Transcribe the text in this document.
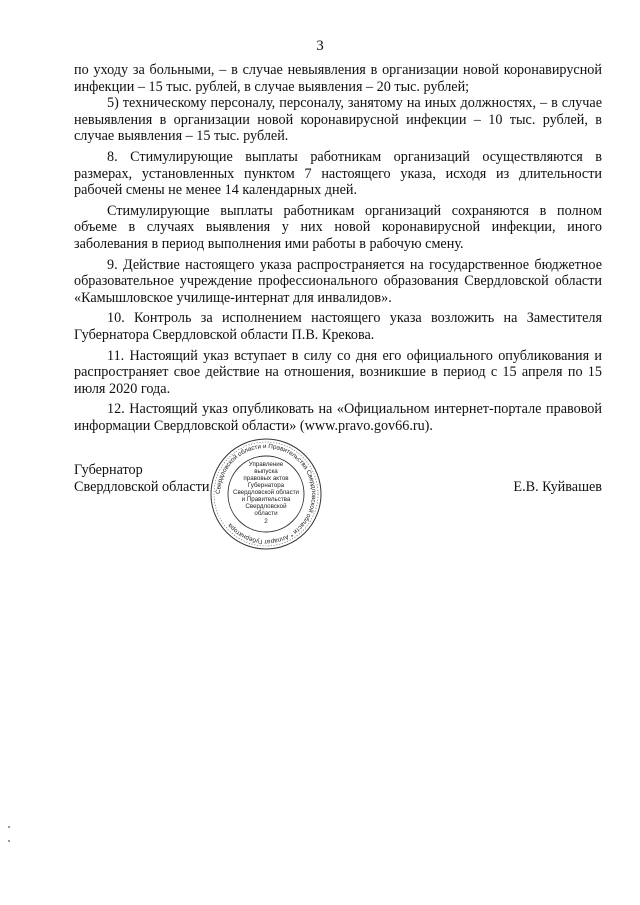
3

по уходу за больными, – в случае невыявления в организации новой коронавирусной инфекции – 15 тыс. рублей, в случае выявления – 20 тыс. рублей;

5) техническому персоналу, персоналу, занятому на иных должностях, – в случае невыявления в организации новой коронавирусной инфекции – 10 тыс. рублей, в случае выявления – 15 тыс. рублей.

8. Стимулирующие выплаты работникам организаций осуществляются в размерах, установленных пунктом 7 настоящего указа, исходя из длительности рабочей смены не менее 14 календарных дней.

Стимулирующие выплаты работникам организаций сохраняются в полном объеме в случаях выявления у них новой коронавирусной инфекции, иного заболевания в период выполнения ими работы в рабочую смену.

9. Действие настоящего указа распространяется на государственное бюджетное образовательное учреждение профессионального образования Свердловской области «Камышловское училище-интернат для инвалидов».

10. Контроль за исполнением настоящего указа возложить на Заместителя Губернатора Свердловской области П.В. Крекова.

11. Настоящий указ вступает в силу со дня его официального опубликования и распространяет свое действие на отношения, возникшие в период с 15 апреля по 15 июля 2020 года.

12. Настоящий указ опубликовать на «Официальном интернет-портале правовой информации Свердловской области» (www.pravo.gov66.ru).

Губернатор
Свердловской области Свердловской области и Правительства Свердловской области * Аппарат Губернатора
Управление
выпуска
правовых актов
Губернатора
Свердловской области
и Правительства
Свердловской
области
2
Е.В. Куйвашев
